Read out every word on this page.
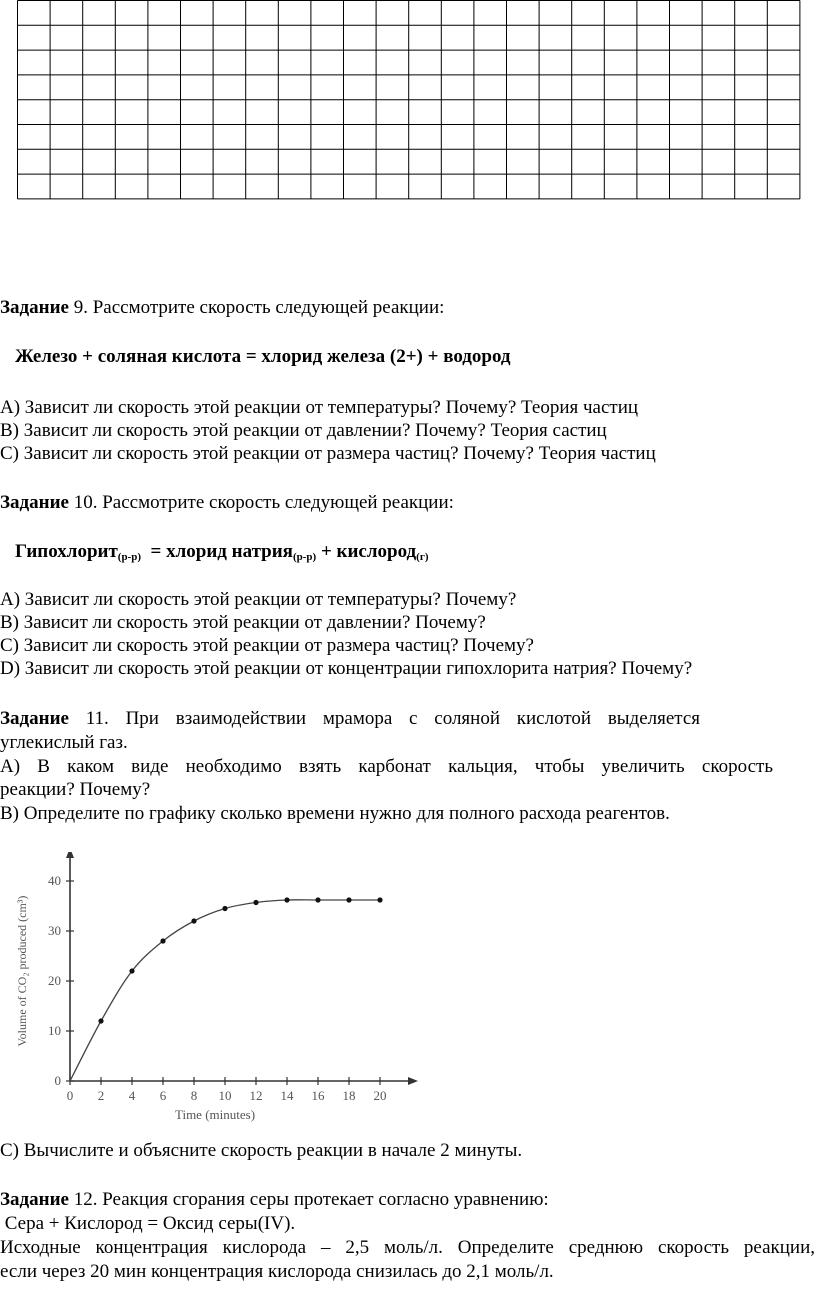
Задание 9. Рассмотрите скорость следующей реакции:
Железо + соляная кислота = хлорид железа (2+) + водород
А) Зависит ли скорость этой реакции от температуры? Почему? Теория частиц
В) Зависит ли скорость этой реакции от давлении? Почему? Теория састиц
С) Зависит ли скорость этой реакции от размера частиц? Почему? Теория частиц
Задание 10. Рассмотрите скорость следующей реакции:
Гипохлорит$_{(р-р)}$  = хлорид натрия$_{(р-р)}$ + кислород$_{(г)}$
А) Зависит ли скорость этой реакции от температуры? Почему?
В) Зависит ли скорость этой реакции от давлении? Почему?
С) Зависит ли скорость этой реакции от размера частиц? Почему?
D) Зависит ли скорость этой реакции от концентрации гипохлорита натрия? Почему?
Задание 11. При взаимодействии мрамора с соляной кислотой выделяется
углекислый газ.
А) В каком виде необходимо взять карбонат кальция, чтобы увеличить скорость
реакции? Почему?
В) Определите по графику сколько времени нужно для полного расхода реагентов.
0 2 4 6 8 10 12 14 16 18 20
0
10
20
30
40
Time (minutes)
Volume of CO₂ produced (cm³)
С) Вычислите и объясните скорость реакции в начале 2 минуты.
Задание 12. Реакция сгорания серы протекает согласно уравнению:
Сера + Кислород = Оксид серы(IV).
Исходные концентрация кислорода – 2,5 моль/л. Определите среднюю скорость реакции,
если через 20 мин концентрация кислорода снизилась до 2,1 моль/л.
